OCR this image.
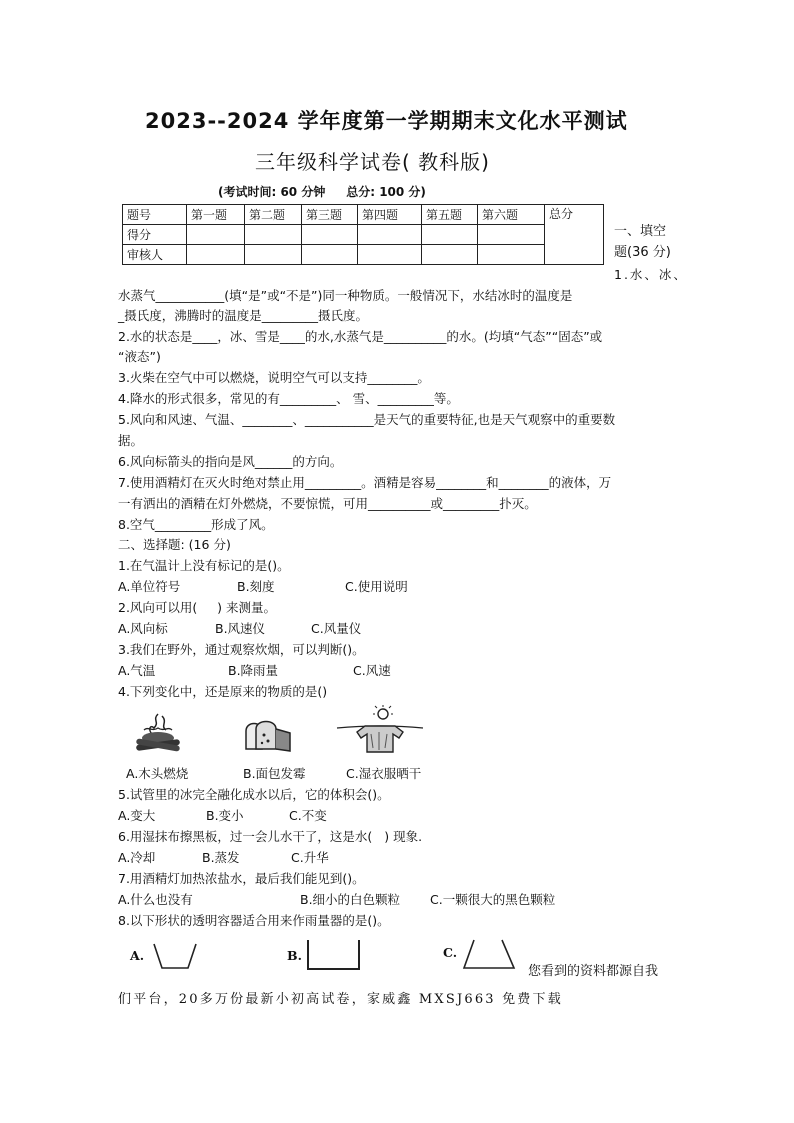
2023--2024 学年度第一学期期末文化水平测试
三年级科学试卷( 教科版)
(考试时间: 60 分钟     总分: 100 分)
题号	第一题	第二题	第三题	第四题	第五题	第六题	总分
得分							
审核人							
一、填空
题(36 分)
1.水、冰、
水蒸气___________(填“是”或“不是”)同一种物质。一般情况下，水结冰时的温度是
_摄氏度，沸腾时的温度是_________摄氏度。
2.水的状态是____，冰、雪是____的水,水蒸气是__________的水。(均填“气态”“固态”或
“液态”)
3.火柴在空气中可以燃烧，说明空气可以支持________。
4.降水的形式很多，常见的有_________、 雪、_________等。
5.风向和风速、气温、________、___________是天气的重要特征,也是天气观察中的重要数
据。
6.风向标箭头的指向是风______的方向。
7.使用酒精灯在灭火时绝对禁止用_________。酒精是容易________和________的液体，万
一有洒出的酒精在灯外燃烧，不要惊慌，可用__________或_________扑灭。
8.空气_________形成了风。
二、选择题: (16 分)
1.在气温计上没有标记的是()。
A.单位符号	B.刻度	C.使用说明
2.风向可以用(     ) 来测量。
A.风向标	B.风速仪	C.风量仪
3.我们在野外，通过观察炊烟，可以判断()。
A.气温	B.降雨量	C.风速
4.下列变化中，还是原来的物质的是()
A.木头燃烧	B.面包发霉	C.湿衣服晒干
5.试管里的冰完全融化成水以后，它的体积会()。
A.变大	B.变小	C.不变
6.用湿抹布擦黑板，过一会儿水干了，这是水(   ) 现象.
A.冷却	B.蒸发	C.升华
7.用酒精灯加热浓盐水，最后我们能见到()。
A.什么也没有	B.细小的白色颗粒 C.一颗很大的黑色颗粒
8.以下形状的透明容器适合用来作雨量器的是()。
A.	B.	C.
您看到的资料都源自我
们平台，20多万份最新小初高试卷，家威鑫 MXSJ663 免费下载
